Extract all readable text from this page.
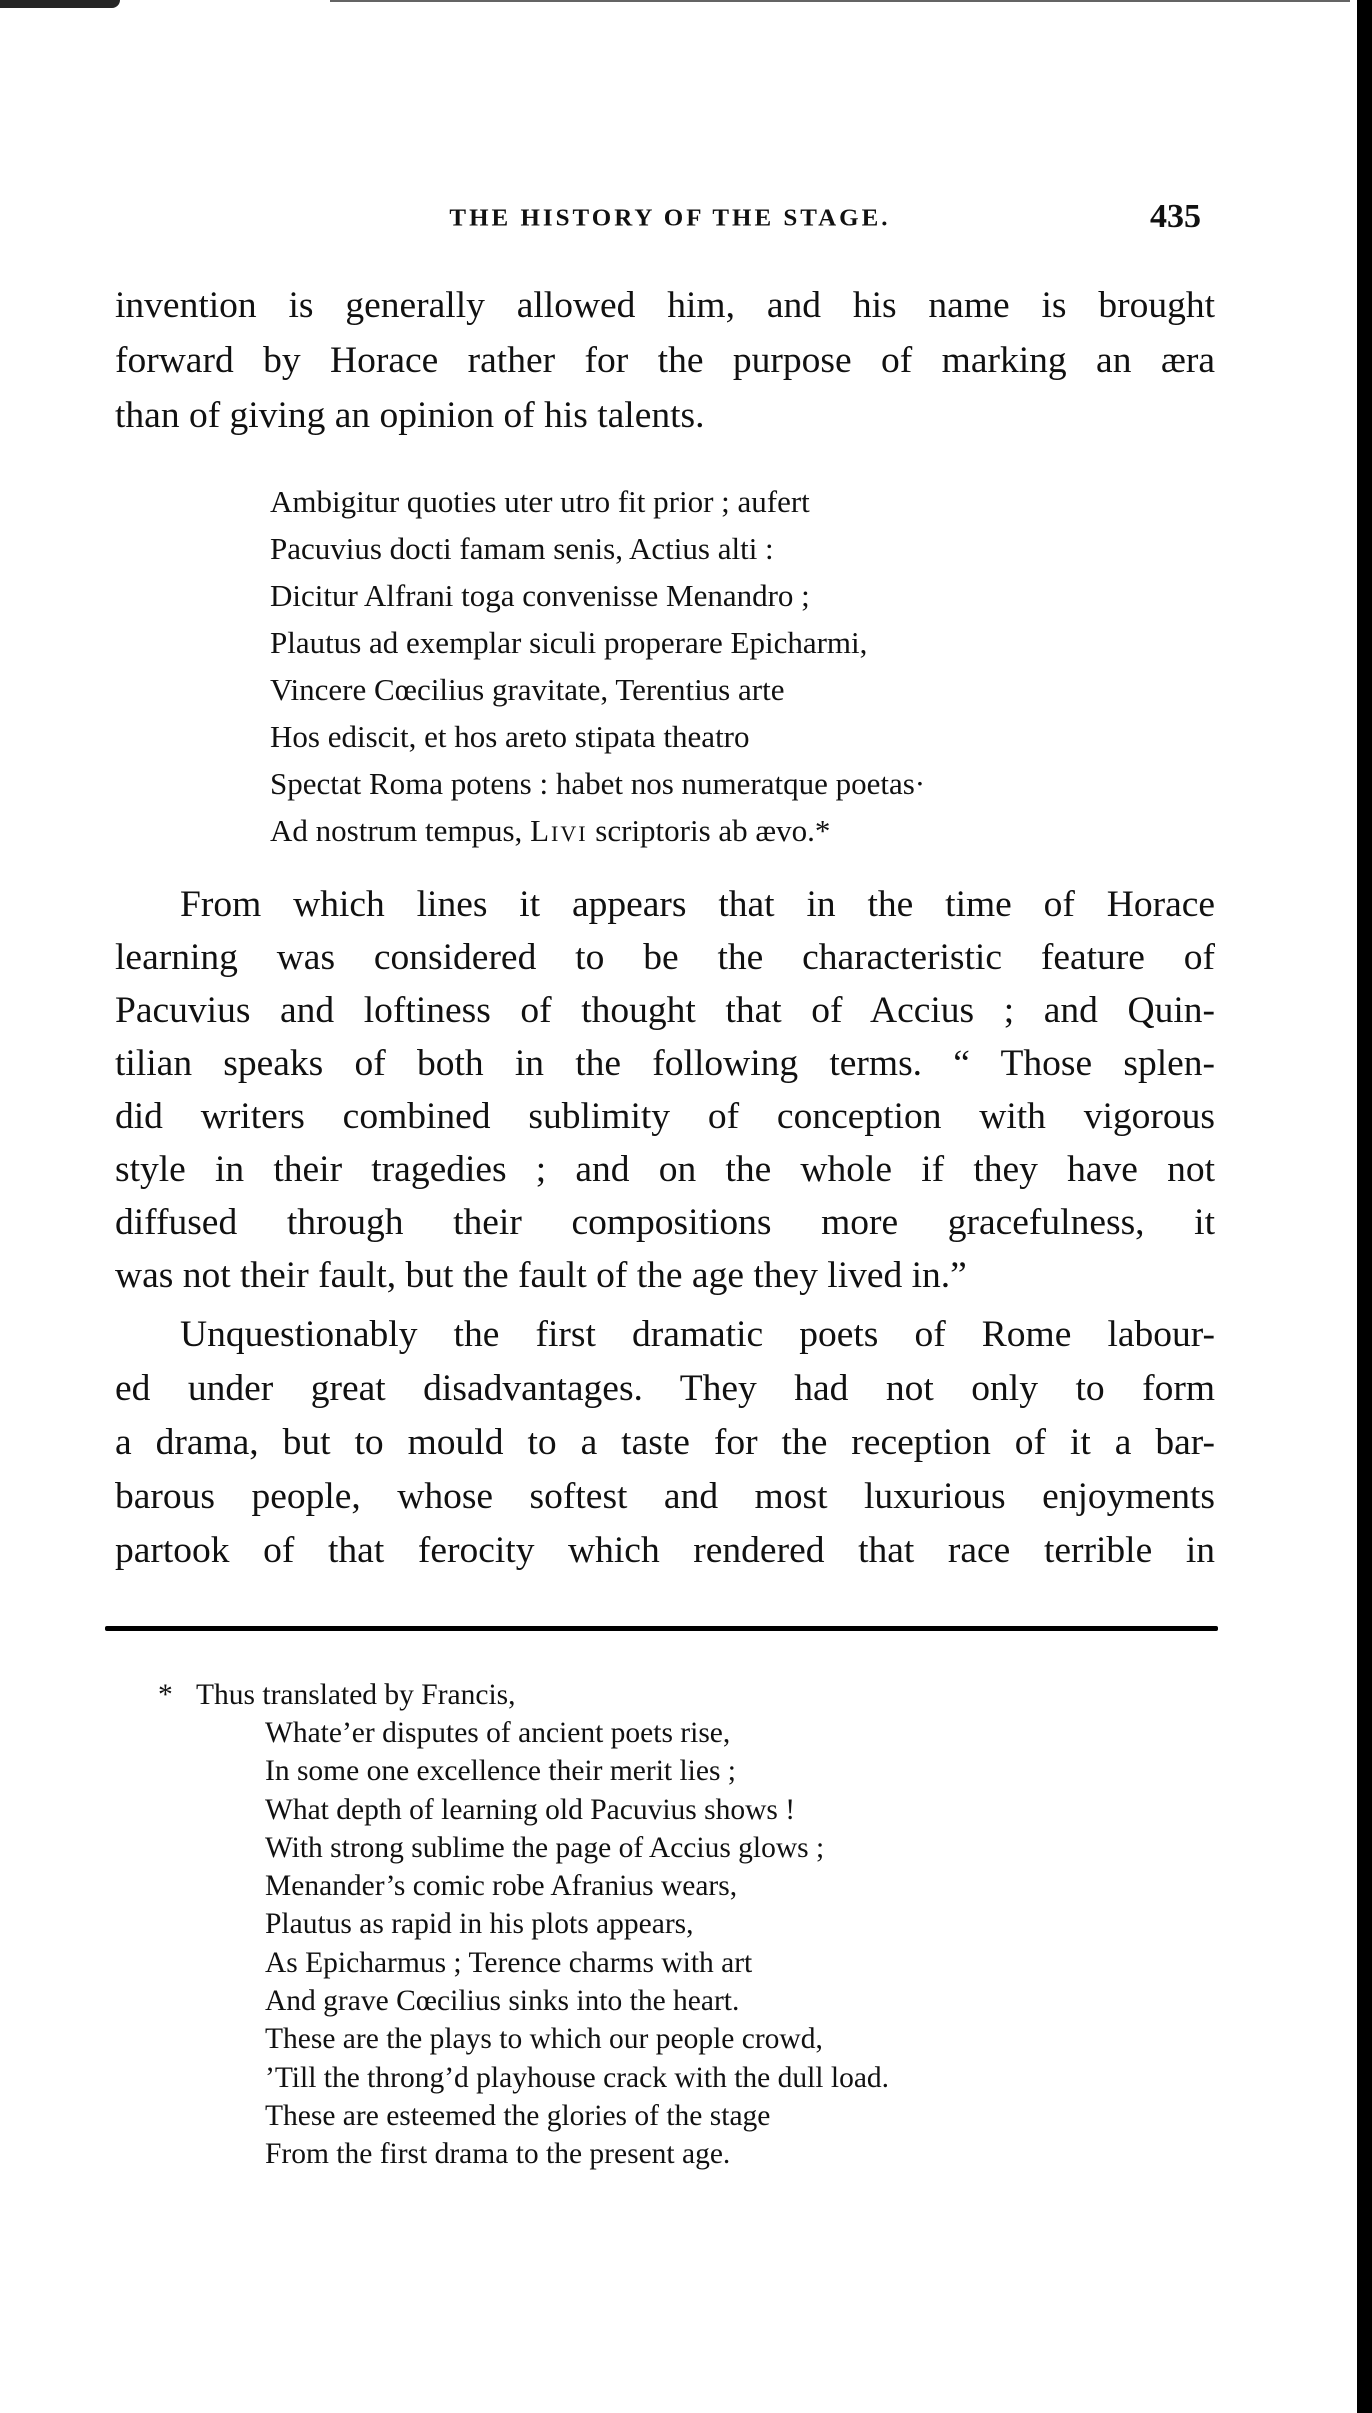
THE HISTORY OF THE STAGE.	435
invention is generally allowed him, and his name is brought
forward by Horace rather for the purpose of marking an æra
than of giving an opinion of his talents.
Ambigitur quoties uter utro fit prior ; aufert
Pacuvius docti famam senis, Actius alti :
Dicitur Alfrani toga convenisse Menandro ;
Plautus ad exemplar siculi properare Epicharmi,
Vincere Cœcilius gravitate, Terentius arte
Hos ediscit, et hos areto stipata theatro
Spectat Roma potens : habet nos numeratque poetas·
Ad nostrum tempus, Livi scriptoris ab ævo.*
From which lines it appears that in the time of Horace
learning was considered to be the characteristic feature of
Pacuvius and loftiness of thought that of Accius ; and Quin-
tilian speaks of both in the following terms. “ Those splen-
did writers combined sublimity of conception with vigorous
style in their tragedies ; and on the whole if they have not
diffused through their compositions more gracefulness, it
was not their fault, but the fault of the age they lived in.”
Unquestionably the first dramatic poets of Rome labour-
ed under great disadvantages. They had not only to form
a drama, but to mould to a taste for the reception of it a bar-
barous people, whose softest and most luxurious enjoyments
partook of that ferocity which rendered that race terrible in
* Thus translated by Francis,
Whate’er disputes of ancient poets rise,
In some one excellence their merit lies ;
What depth of learning old Pacuvius shows !
With strong sublime the page of Accius glows ;
Menander’s comic robe Afranius wears,
Plautus as rapid in his plots appears,
As Epicharmus ; Terence charms with art
And grave Cœcilius sinks into the heart.
These are the plays to which our people crowd,
’Till the throng’d playhouse crack with the dull load.
These are esteemed the glories of the stage
From the first drama to the present age.
